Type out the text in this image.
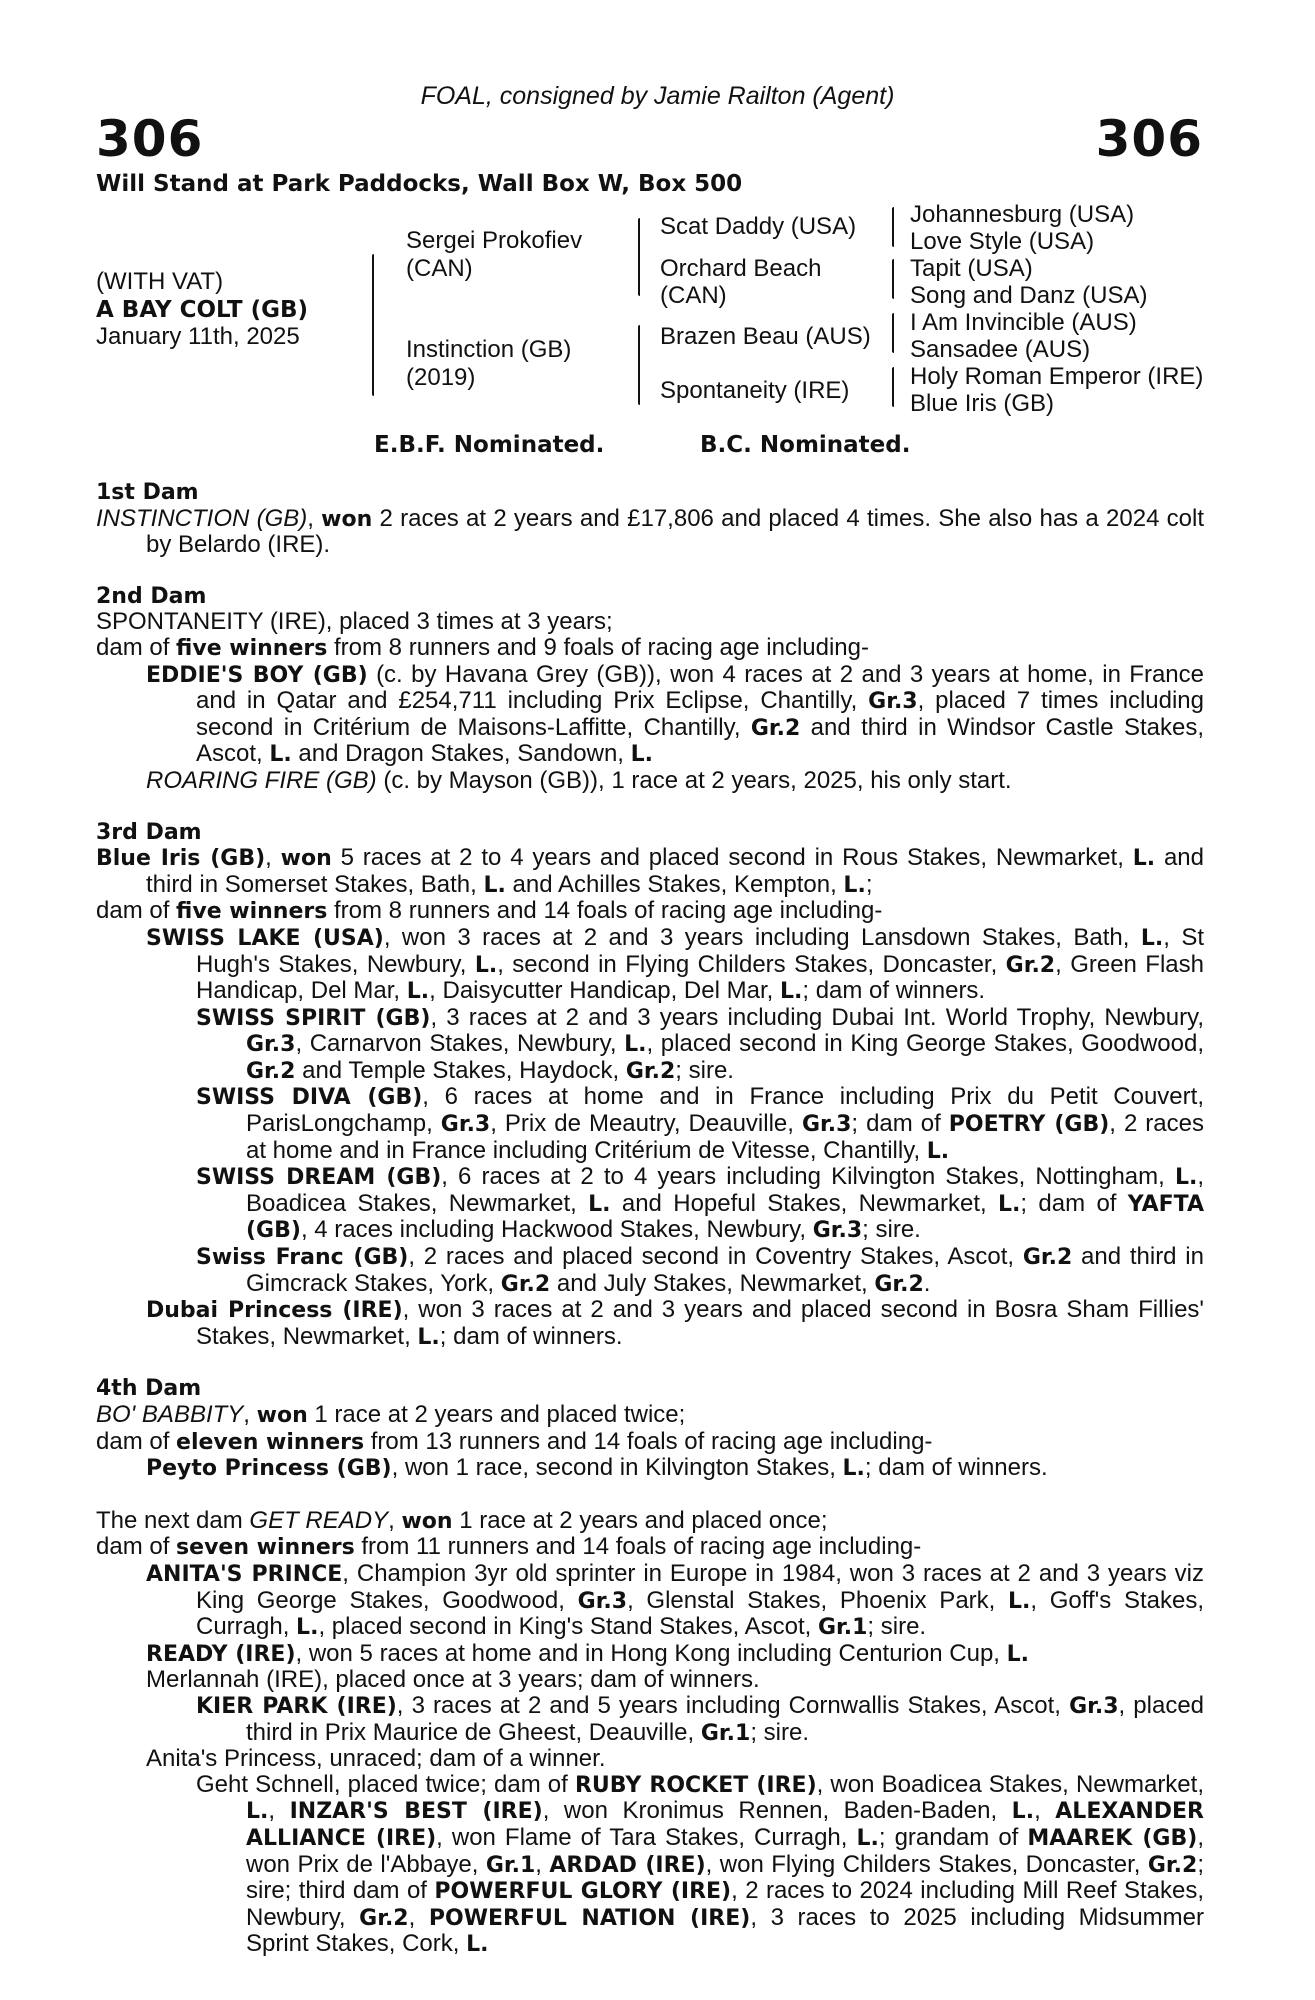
FOAL, consigned by Jamie Railton (Agent)
306	306
Will Stand at Park Paddocks, Wall Box W, Box 500
(WITH VAT)
A BAY COLT (GB)
January 11th, 2025
Sergei Prokofiev
(CAN)
Instinction (GB)
(2019)
Scat Daddy (USA)
Orchard Beach
(CAN)
Brazen Beau (AUS)
Spontaneity (IRE)
Johannesburg (USA)
Love Style (USA)
Tapit (USA)
Song and Danz (USA)
I Am Invincible (AUS)
Sansadee (AUS)
Holy Roman Emperor (IRE)
Blue Iris (GB)
E.B.F. Nominated.	B.C. Nominated.

1st Dam

INSTINCTION (GB), won 2 races at 2 years and £17,806 and placed 4 times. She also has a 2024 colt by Belardo (IRE).

2nd Dam

SPONTANEITY (IRE), placed 3 times at 3 years;

dam of five winners from 8 runners and 9 foals of racing age including-

EDDIE'S BOY (GB) (c. by Havana Grey (GB)), won 4 races at 2 and 3 years at home, in France and in Qatar and £254,711 including Prix Eclipse, Chantilly, Gr.3, placed 7 times including second in Critérium de Maisons-Laffitte, Chantilly, Gr.2 and third in Windsor Castle Stakes, Ascot, L. and Dragon Stakes, Sandown, L.

ROARING FIRE (GB) (c. by Mayson (GB)), 1 race at 2 years, 2025, his only start.

3rd Dam

Blue Iris (GB), won 5 races at 2 to 4 years and placed second in Rous Stakes, Newmarket, L. and third in Somerset Stakes, Bath, L. and Achilles Stakes, Kempton, L.;

dam of five winners from 8 runners and 14 foals of racing age including-

SWISS LAKE (USA), won 3 races at 2 and 3 years including Lansdown Stakes, Bath, L., St Hugh's Stakes, Newbury, L., second in Flying Childers Stakes, Doncaster, Gr.2, Green Flash Handicap, Del Mar, L., Daisycutter Handicap, Del Mar, L.; dam of winners.

SWISS SPIRIT (GB), 3 races at 2 and 3 years including Dubai Int. World Trophy, Newbury, Gr.3, Carnarvon Stakes, Newbury, L., placed second in King George Stakes, Goodwood, Gr.2 and Temple Stakes, Haydock, Gr.2; sire.

SWISS DIVA (GB), 6 races at home and in France including Prix du Petit Couvert, ParisLongchamp, Gr.3, Prix de Meautry, Deauville, Gr.3; dam of POETRY (GB), 2 races at home and in France including Critérium de Vitesse, Chantilly, L.

SWISS DREAM (GB), 6 races at 2 to 4 years including Kilvington Stakes, Nottingham, L., Boadicea Stakes, Newmarket, L. and Hopeful Stakes, Newmarket, L.; dam of YAFTA (GB), 4 races including Hackwood Stakes, Newbury, Gr.3; sire.

Swiss Franc (GB), 2 races and placed second in Coventry Stakes, Ascot, Gr.2 and third in Gimcrack Stakes, York, Gr.2 and July Stakes, Newmarket, Gr.2.

Dubai Princess (IRE), won 3 races at 2 and 3 years and placed second in Bosra Sham Fillies' Stakes, Newmarket, L.; dam of winners.

4th Dam

BO' BABBITY, won 1 race at 2 years and placed twice;

dam of eleven winners from 13 runners and 14 foals of racing age including-

Peyto Princess (GB), won 1 race, second in Kilvington Stakes, L.; dam of winners.

The next dam GET READY, won 1 race at 2 years and placed once;

dam of seven winners from 11 runners and 14 foals of racing age including-

ANITA'S PRINCE, Champion 3yr old sprinter in Europe in 1984, won 3 races at 2 and 3 years viz King George Stakes, Goodwood, Gr.3, Glenstal Stakes, Phoenix Park, L., Goff's Stakes, Curragh, L., placed second in King's Stand Stakes, Ascot, Gr.1; sire.

READY (IRE), won 5 races at home and in Hong Kong including Centurion Cup, L.

Merlannah (IRE), placed once at 3 years; dam of winners.

KIER PARK (IRE), 3 races at 2 and 5 years including Cornwallis Stakes, Ascot, Gr.3, placed third in Prix Maurice de Gheest, Deauville, Gr.1; sire.

Anita's Princess, unraced; dam of a winner.

Geht Schnell, placed twice; dam of RUBY ROCKET (IRE), won Boadicea Stakes, Newmarket, L., INZAR'S BEST (IRE), won Kronimus Rennen, Baden-Baden, L., ALEXANDER ALLIANCE (IRE), won Flame of Tara Stakes, Curragh, L.; grandam of MAAREK (GB), won Prix de l'Abbaye, Gr.1, ARDAD (IRE), won Flying Childers Stakes, Doncaster, Gr.2; sire; third dam of POWERFUL GLORY (IRE), 2 races to 2024 including Mill Reef Stakes, Newbury, Gr.2, POWERFUL NATION (IRE), 3 races to 2025 including Midsummer Sprint Stakes, Cork, L.
